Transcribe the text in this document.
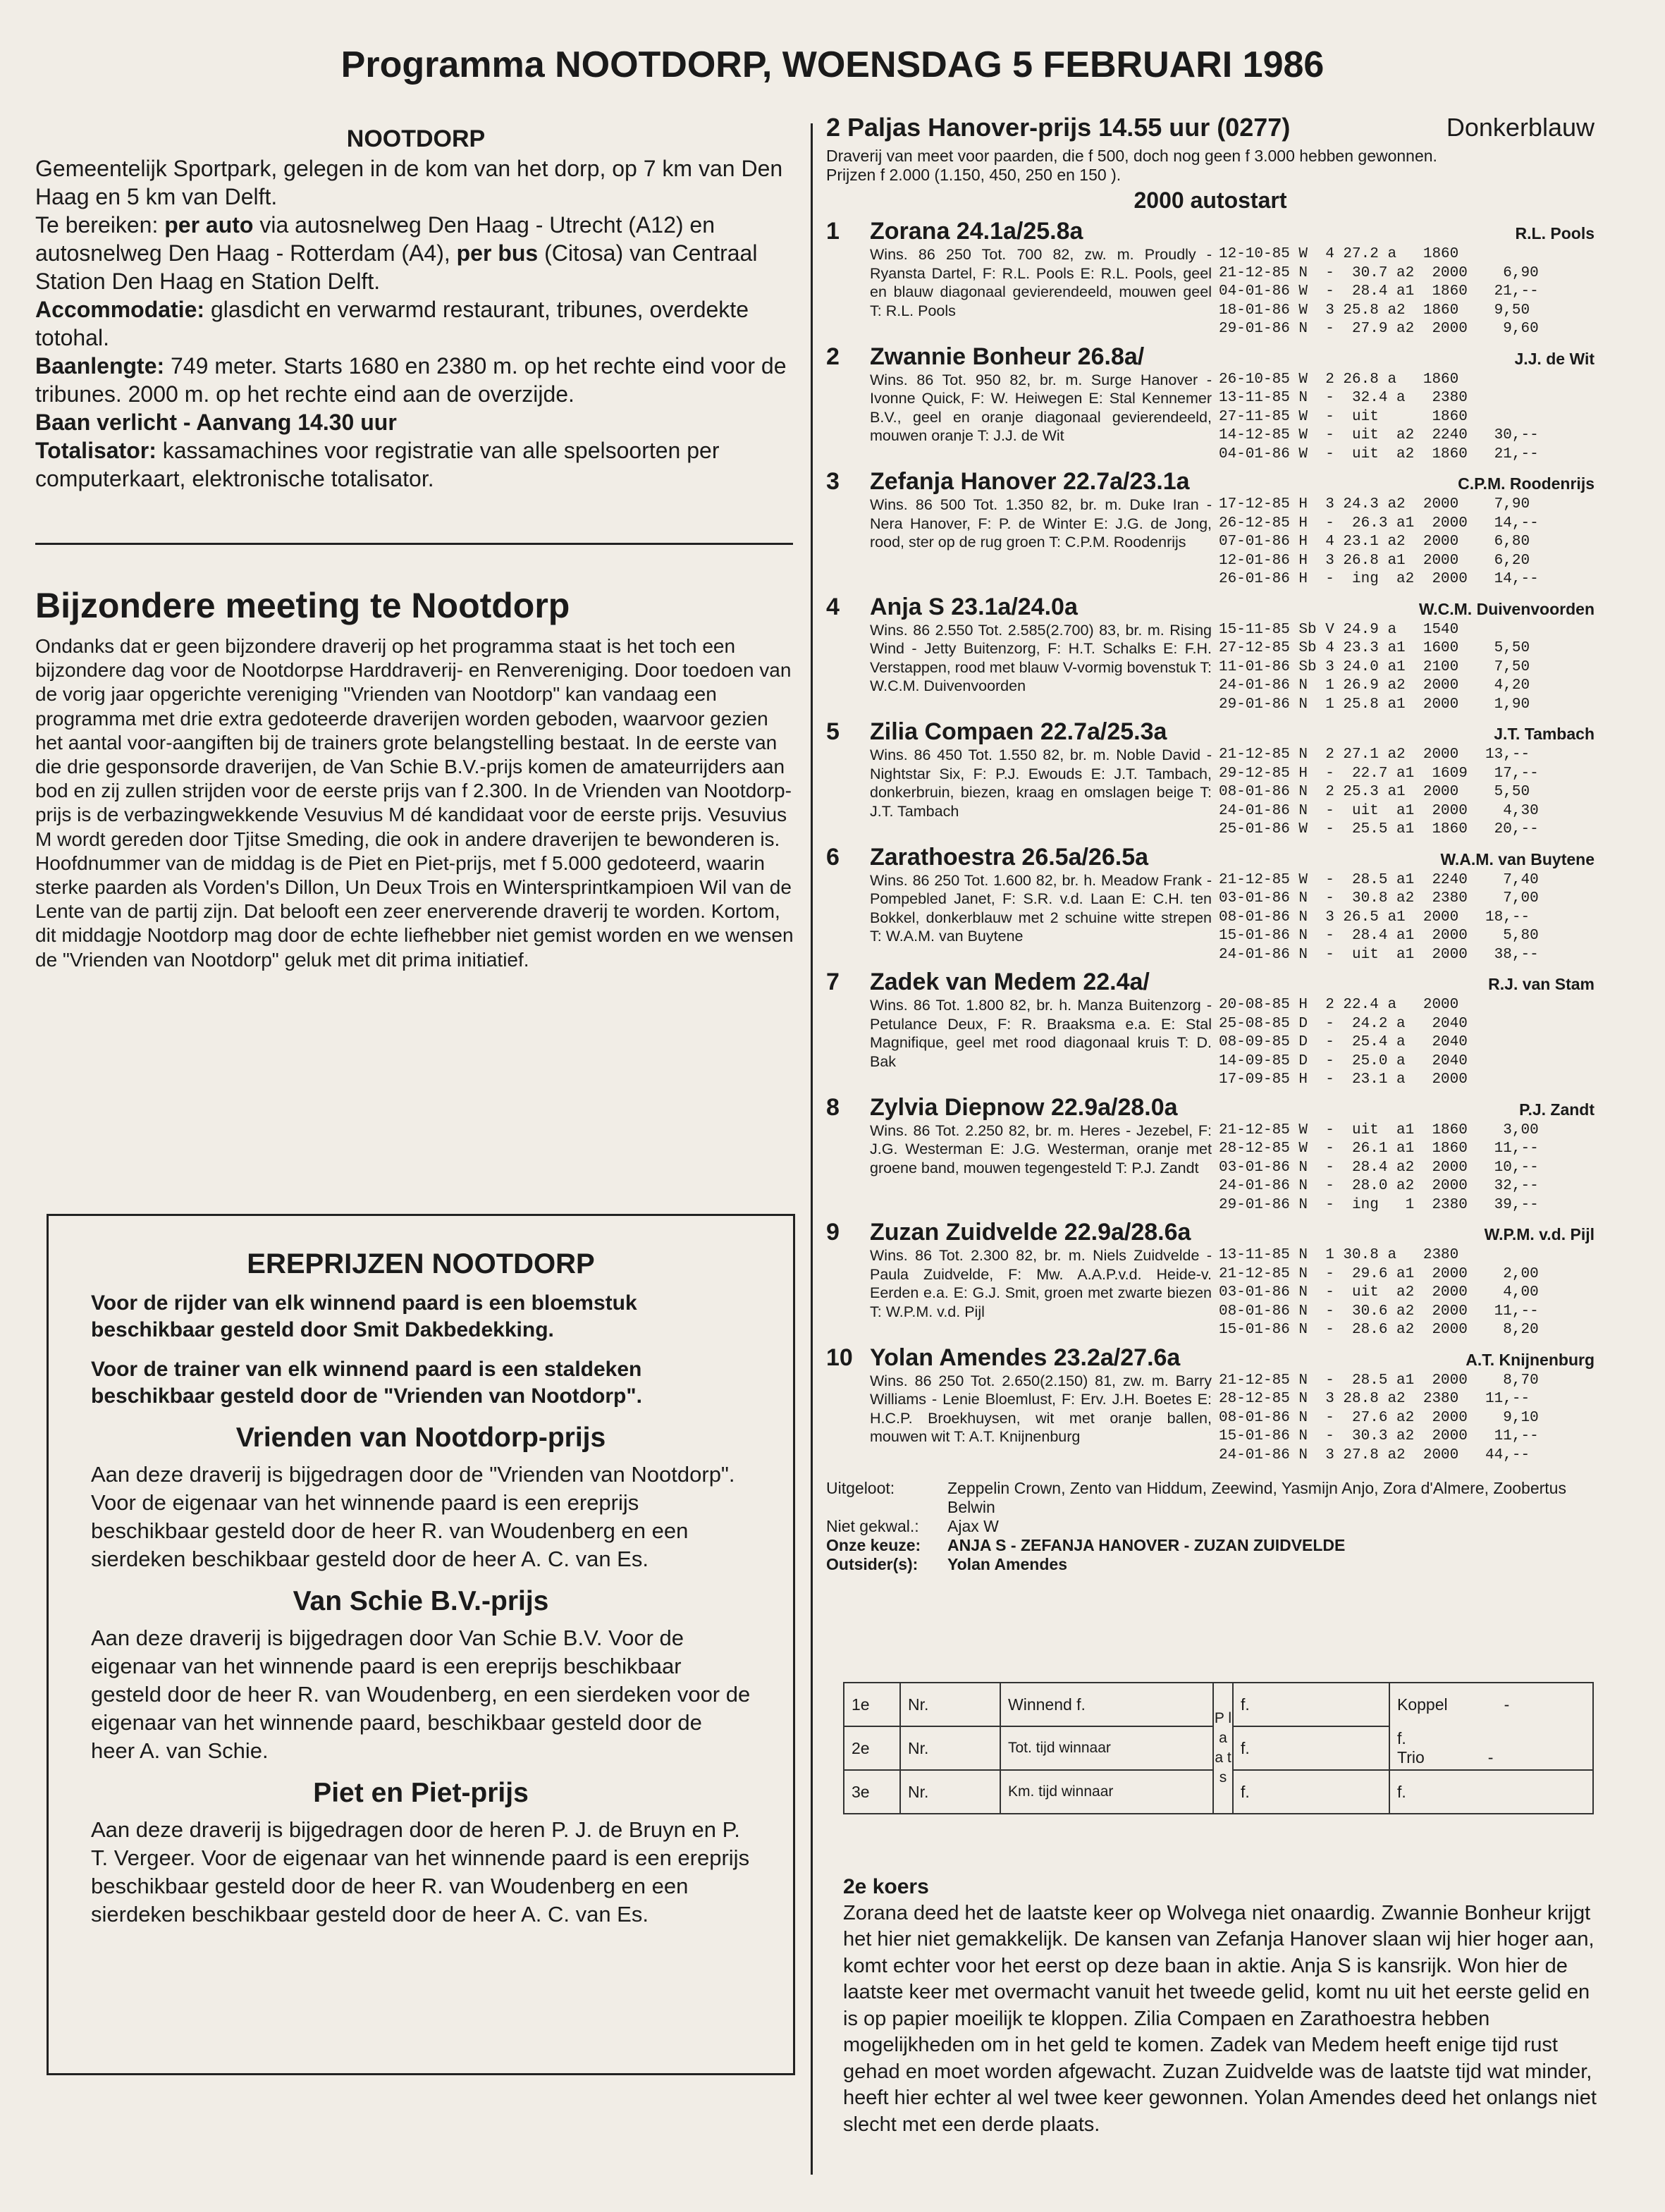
Programma NOOTDORP, WOENSDAG 5 FEBRUARI 1986
NOOTDORP

Gemeentelijk Sportpark, gelegen in de kom van het dorp, op 7 km van Den Haag en 5 km van Delft.

Te bereiken: per auto via autosnelweg Den Haag - Utrecht (A12) en autosnelweg Den Haag - Rotterdam (A4), per bus (Citosa) van Centraal Station Den Haag en Station Delft.

Accommodatie: glasdicht en verwarmd restaurant, tribunes, overdekte totohal.

Baanlengte: 749 meter. Starts 1680 en 2380 m. op het rechte eind voor de tribunes. 2000 m. op het rechte eind aan de overzijde.

Baan verlicht - Aanvang 14.30 uur

Totalisator: kassamachines voor registratie van alle spelsoorten per computerkaart, elektronische totalisator.

Bijzondere meeting te Nootdorp
Ondanks dat er geen bijzondere draverij op het programma staat is het toch een bijzondere dag voor de Nootdorpse Harddraverij- en Renvereniging. Door toedoen van de vorig jaar opgerichte vereniging "Vrienden van Nootdorp" kan vandaag een programma met drie extra gedoteerde draverijen worden geboden, waarvoor gezien het aantal voor-aangiften bij de trainers grote belangstelling bestaat. In de eerste van die drie gesponsorde draverijen, de Van Schie B.V.-prijs komen de amateurrijders aan bod en zij zullen strijden voor de eerste prijs van f 2.300. In de Vrienden van Nootdorp-prijs is de verbazingwekkende Vesuvius M dé kandidaat voor de eerste prijs. Vesuvius M wordt gereden door Tjitse Smeding, die ook in andere draverijen te bewonderen is. Hoofdnummer van de middag is de Piet en Piet-prijs, met f 5.000 gedoteerd, waarin sterke paarden als Vorden's Dillon, Un Deux Trois en Wintersprintkampioen Wil van de Lente van de partij zijn. Dat belooft een zeer enerverende draverij te worden. Kortom, dit middagje Nootdorp mag door de echte liefhebber niet gemist worden en we wensen de "Vrienden van Nootdorp" geluk met dit prima initiatief.
EREPRIJZEN NOOTDORP

Voor de rijder van elk winnend paard is een bloemstuk beschikbaar gesteld door Smit Dakbedekking.

Voor de trainer van elk winnend paard is een staldeken beschikbaar gesteld door de "Vrienden van Nootdorp".

Vrienden van Nootdorp-prijs

Aan deze draverij is bijgedragen door de "Vrienden van Nootdorp". Voor de eigenaar van het winnende paard is een ereprijs beschikbaar gesteld door de heer R. van Woudenberg en een sierdeken beschikbaar gesteld door de heer A. C. van Es.

Van Schie B.V.-prijs

Aan deze draverij is bijgedragen door Van Schie B.V. Voor de eigenaar van het winnende paard is een ereprijs beschikbaar gesteld door de heer R. van Woudenberg, en een sierdeken voor de eigenaar van het winnende paard, beschikbaar gesteld door de heer A. van Schie.

Piet en Piet-prijs

Aan deze draverij is bijgedragen door de heren P. J. de Bruyn en P. T. Vergeer. Voor de eigenaar van het winnende paard is een ereprijs beschikbaar gesteld door de heer R. van Woudenberg en een sierdeken beschikbaar gesteld door de heer A. C. van Es.

2 Paljas Hanover-prijs 14.55 uur (0277)	Donkerblauw
Draverij van meet voor paarden, die f 500, doch nog geen f 3.000 hebben gewonnen.
Prijzen f 2.000 (1.150, 450, 250 en 150 ).
2000 autostart
1	Zorana 24.1a/25.8a	R.L. Pools
Wins. 86 250 Tot. 700 82, zw. m. Proudly - Ryansta Dartel, F: R.L. Pools E: R.L. Pools, geel en blauw diagonaal gevierendeeld, mouwen geel T: R.L. Pools
12-10-85 W  4 27.2 a   1860
21-12-85 N  -  30.7 a2  2000    6,90
04-01-86 W  -  28.4 a1  1860   21,--
18-01-86 W  3 25.8 a2  1860    9,50
29-01-86 N  -  27.9 a2  2000    9,60
2	Zwannie Bonheur 26.8a/	J.J. de Wit
Wins. 86 Tot. 950 82, br. m. Surge Hanover - Ivonne Quick, F: W. Heiwegen E: Stal Kennemer B.V., geel en oranje diagonaal gevierendeeld, mouwen oranje T: J.J. de Wit
26-10-85 W  2 26.8 a   1860
13-11-85 N  -  32.4 a   2380
27-11-85 W  -  uit      1860
14-12-85 W  -  uit  a2  2240   30,--
04-01-86 W  -  uit  a2  1860   21,--
3	Zefanja Hanover 22.7a/23.1a	C.P.M. Roodenrijs
Wins. 86 500 Tot. 1.350 82, br. m. Duke Iran - Nera Hanover, F: P. de Winter E: J.G. de Jong, rood, ster op de rug groen T: C.P.M. Roodenrijs
17-12-85 H  3 24.3 a2  2000    7,90
26-12-85 H  -  26.3 a1  2000   14,--
07-01-86 H  4 23.1 a2  2000    6,80
12-01-86 H  3 26.8 a1  2000    6,20
26-01-86 H  -  ing  a2  2000   14,--
4	Anja S 23.1a/24.0a	W.C.M. Duivenvoorden
Wins. 86 2.550 Tot. 2.585(2.700) 83, br. m. Rising Wind - Jetty Buitenzorg, F: H.T. Schalks E: F.H. Verstappen, rood met blauw V-vormig bovenstuk T: W.C.M. Duivenvoorden
15-11-85 Sb V 24.9 a   1540
27-12-85 Sb 4 23.3 a1  1600    5,50
11-01-86 Sb 3 24.0 a1  2100    7,50
24-01-86 N  1 26.9 a2  2000    4,20
29-01-86 N  1 25.8 a1  2000    1,90
5	Zilia Compaen 22.7a/25.3a	J.T. Tambach
Wins. 86 450 Tot. 1.550 82, br. m. Noble David - Nightstar Six, F: P.J. Ewouds E: J.T. Tambach, donkerbruin, biezen, kraag en omslagen beige T: J.T. Tambach
21-12-85 N  2 27.1 a2  2000   13,--
29-12-85 H  -  22.7 a1  1609   17,--
08-01-86 N  2 25.3 a1  2000    5,50
24-01-86 N  -  uit  a1  2000    4,30
25-01-86 W  -  25.5 a1  1860   20,--
6	Zarathoestra 26.5a/26.5a	W.A.M. van Buytene
Wins. 86 250 Tot. 1.600 82, br. h. Meadow Frank - Pompebled Janet, F: S.R. v.d. Laan E: C.H. ten Bokkel, donkerblauw met 2 schuine witte strepen T: W.A.M. van Buytene
21-12-85 W  -  28.5 a1  2240    7,40
03-01-86 N  -  30.8 a2  2380    7,00
08-01-86 N  3 26.5 a1  2000   18,--
15-01-86 N  -  28.4 a1  2000    5,80
24-01-86 N  -  uit  a1  2000   38,--
7	Zadek van Medem 22.4a/	R.J. van Stam
Wins. 86 Tot. 1.800 82, br. h. Manza Buitenzorg - Petulance Deux, F: R. Braaksma e.a. E: Stal Magnifique, geel met rood diagonaal kruis T: D. Bak
20-08-85 H  2 22.4 a   2000
25-08-85 D  -  24.2 a   2040
08-09-85 D  -  25.4 a   2040
14-09-85 D  -  25.0 a   2040
17-09-85 H  -  23.1 a   2000
8	Zylvia Diepnow 22.9a/28.0a	P.J. Zandt
Wins. 86 Tot. 2.250 82, br. m. Heres - Jezebel, F: J.G. Westerman E: J.G. Westerman, oranje met groene band, mouwen tegengesteld T: P.J. Zandt
21-12-85 W  -  uit  a1  1860    3,00
28-12-85 W  -  26.1 a1  1860   11,--
03-01-86 N  -  28.4 a2  2000   10,--
24-01-86 N  -  28.0 a2  2000   32,--
29-01-86 N  -  ing   1  2380   39,--
9	Zuzan Zuidvelde 22.9a/28.6a	W.P.M. v.d. Pijl
Wins. 86 Tot. 2.300 82, br. m. Niels Zuidvelde - Paula Zuidvelde, F: Mw. A.A.P.v.d. Heide-v. Eerden e.a. E: G.J. Smit, groen met zwarte biezen T: W.P.M. v.d. Pijl
13-11-85 N  1 30.8 a   2380
21-12-85 N  -  29.6 a1  2000    2,00
03-01-86 N  -  uit  a2  2000    4,00
08-01-86 N  -  30.6 a2  2000   11,--
15-01-86 N  -  28.6 a2  2000    8,20
10 Yolan Amendes 23.2a/27.6a	A.T. Knijnenburg
Wins. 86 250 Tot. 2.650(2.150) 81, zw. m. Barry Williams - Lenie Bloemlust, F: Erv. J.H. Boetes E: H.C.P. Broekhuysen, wit met oranje ballen, mouwen wit T: A.T. Knijnenburg
21-12-85 N  -  28.5 a1  2000    8,70
28-12-85 N  3 28.8 a2  2380   11,--
08-01-86 N  -  27.6 a2  2000    9,10
15-01-86 N  -  30.3 a2  2000   11,--
24-01-86 N  3 27.8 a2  2000   44,--
Uitgeloot:	Zeppelin Crown, Zento van Hiddum, Zeewind, Yasmijn Anjo, Zora d'Almere, Zoobertus Belwin
Niet gekwal.: Ajax W
Onze keuze: ANJA S - ZEFANJA HANOVER - ZUZAN ZUIDVELDE
Outsider(s): Yolan Amendes
1e	Nr.	Winnend f.	P l a a t s	f.	Koppel -
2e	Nr.	Tot. tijd winnaar		f.	f.
Trio -
3e	Nr.	Km. tijd winnaar		f.	f.
2e koers
Zorana deed het de laatste keer op Wolvega niet onaardig. Zwannie Bonheur krijgt het hier niet gemakkelijk. De kansen van Zefanja Hanover slaan wij hier hoger aan, komt echter voor het eerst op deze baan in aktie. Anja S is kansrijk. Won hier de laatste keer met overmacht vanuit het tweede gelid, komt nu uit het eerste gelid en is op papier moeilijk te kloppen. Zilia Compaen en Zarathoestra hebben mogelijkheden om in het geld te komen. Zadek van Medem heeft enige tijd rust gehad en moet worden afgewacht. Zuzan Zuidvelde was de laatste tijd wat minder, heeft hier echter al wel twee keer gewonnen. Yolan Amendes deed het onlangs niet slecht met een derde plaats.
